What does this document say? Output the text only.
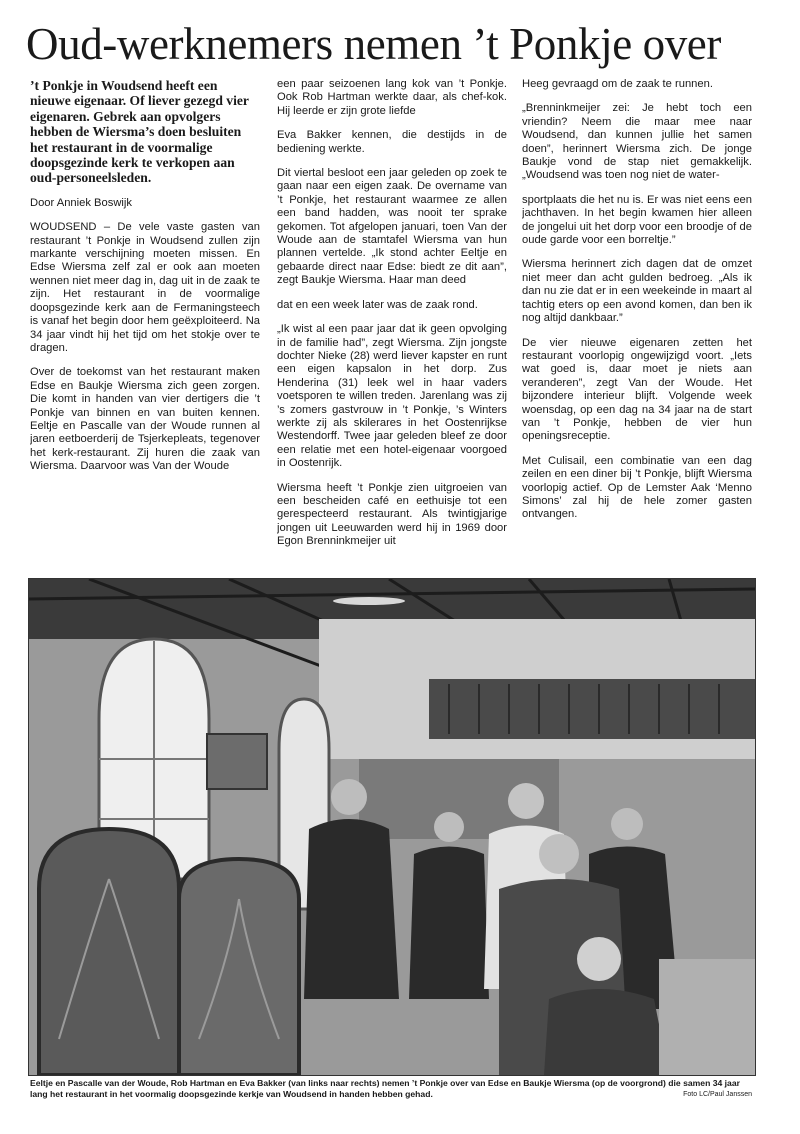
Oud-werknemers nemen ’t Ponkje over

’t Ponkje in Woudsend heeft een nieuwe eigenaar. Of liever gezegd vier eigenaren. Gebrek aan opvolgers hebben de Wiersma’s doen besluiten het restaurant in de voormalige doopsgezinde kerk te verkopen aan oud-personeelsleden.

Door Anniek Boswijk

WOUDSEND – De vele vaste gasten van restaurant ’t Ponkje in Woudsend zullen zijn markante verschijning moeten missen. En Edse Wiersma zelf zal er ook aan moeten wennen niet meer dag in, dag uit in de zaak te zijn. Het restaurant in de voormalige doopsgezinde kerk aan de Fermaningsteech is vanaf het begin door hem geëxploiteerd. Na 34 jaar vindt hij het tijd om het stokje over te dragen.

Over de toekomst van het restaurant maken Edse en Baukje Wiersma zich geen zorgen. Die komt in handen van vier dertigers die ’t Ponkje van binnen en van buiten kennen. Eeltje en Pascalle van der Woude runnen al jaren eetboerderij de Tsjerkepleats, tegenover het kerk-restaurant. Zij huren die zaak van Wiersma. Daarvoor was Van der Woude

een paar seizoenen lang kok van ’t Ponkje. Ook Rob Hartman werkte daar, als chef-kok. Hij leerde er zijn grote liefde

Eva Bakker kennen, die destijds in de bediening werkte.

Dit viertal besloot een jaar geleden op zoek te gaan naar een eigen zaak. De overname van ’t Ponkje, het restaurant waarmee ze allen een band hadden, was nooit ter sprake gekomen. Tot afgelopen januari, toen Van der Woude aan de stamtafel Wiersma van hun plannen vertelde. „Ik stond achter Eeltje en gebaarde direct naar Edse: biedt ze dit aan”, zegt Baukje Wiersma. Haar man deed

dat en een week later was de zaak rond.

„Ik wist al een paar jaar dat ik geen opvolging in de familie had”, zegt Wiersma. Zijn jongste dochter Nieke (28) werd liever kapster en runt een eigen kapsalon in het dorp. Zus Henderina (31) leek wel in haar vaders voetsporen te willen treden. Jarenlang was zij ’s zomers gastvrouw in ’t Ponkje, ’s Winters werkte zij als skilerares in het Oostenrijkse Westendorff. Twee jaar geleden bleef ze door een relatie met een hotel-eigenaar voorgoed in Oostenrijk.

Wiersma heeft ’t Ponkje zien uitgroeien van een bescheiden café en eethuisje tot een gerespecteerd restaurant. Als twintigjarige jongen uit Leeuwarden werd hij in 1969 door Egon Brenninkmeijer uit

Heeg gevraagd om de zaak te runnen.

„Brenninkmeijer zei: Je hebt toch een vriendin? Neem die maar mee naar Woudsend, dan kunnen jullie het samen doen”, herinnert Wiersma zich. De jonge Baukje vond de stap niet gemakkelijk. „Woudsend was toen nog niet de water-

sportplaats die het nu is. Er was niet eens een jachthaven. In het begin kwamen hier alleen de jongelui uit het dorp voor een broodje of de oude garde voor een borreltje.”

Wiersma herinnert zich dagen dat de omzet niet meer dan acht gulden bedroeg. „Als ik dan nu zie dat er in een weekeinde in maart al tachtig eters op een avond komen, dan ben ik nog altijd dankbaar.”

De vier nieuwe eigenaren zetten het restaurant voorlopig ongewijzigd voort. „Iets wat goed is, daar moet je niets aan veranderen”, zegt Van der Woude. Het bijzondere interieur blijft. Volgende week woensdag, op een dag na 34 jaar na de start van ’t Ponkje, hebben de vier hun openingsreceptie.

Met Culisail, een combinatie van een dag zeilen en een diner bij ’t Ponkje, blijft Wiersma voorlopig actief. Op de Lemster Aak ‘Menno Simons’ zal hij de hele zomer gasten ontvangen.

Eeltje en Pascalle van der Woude, Rob Hartman en Eva Bakker (van links naar rechts) nemen ’t Ponkje over van Edse en Baukje Wiersma (op de voorgrond) die samen 34 jaar lang het restaurant in het voormalig doopsgezinde kerkje van Woudsend in handen hebben gehad.	Foto LC/Paul Janssen
